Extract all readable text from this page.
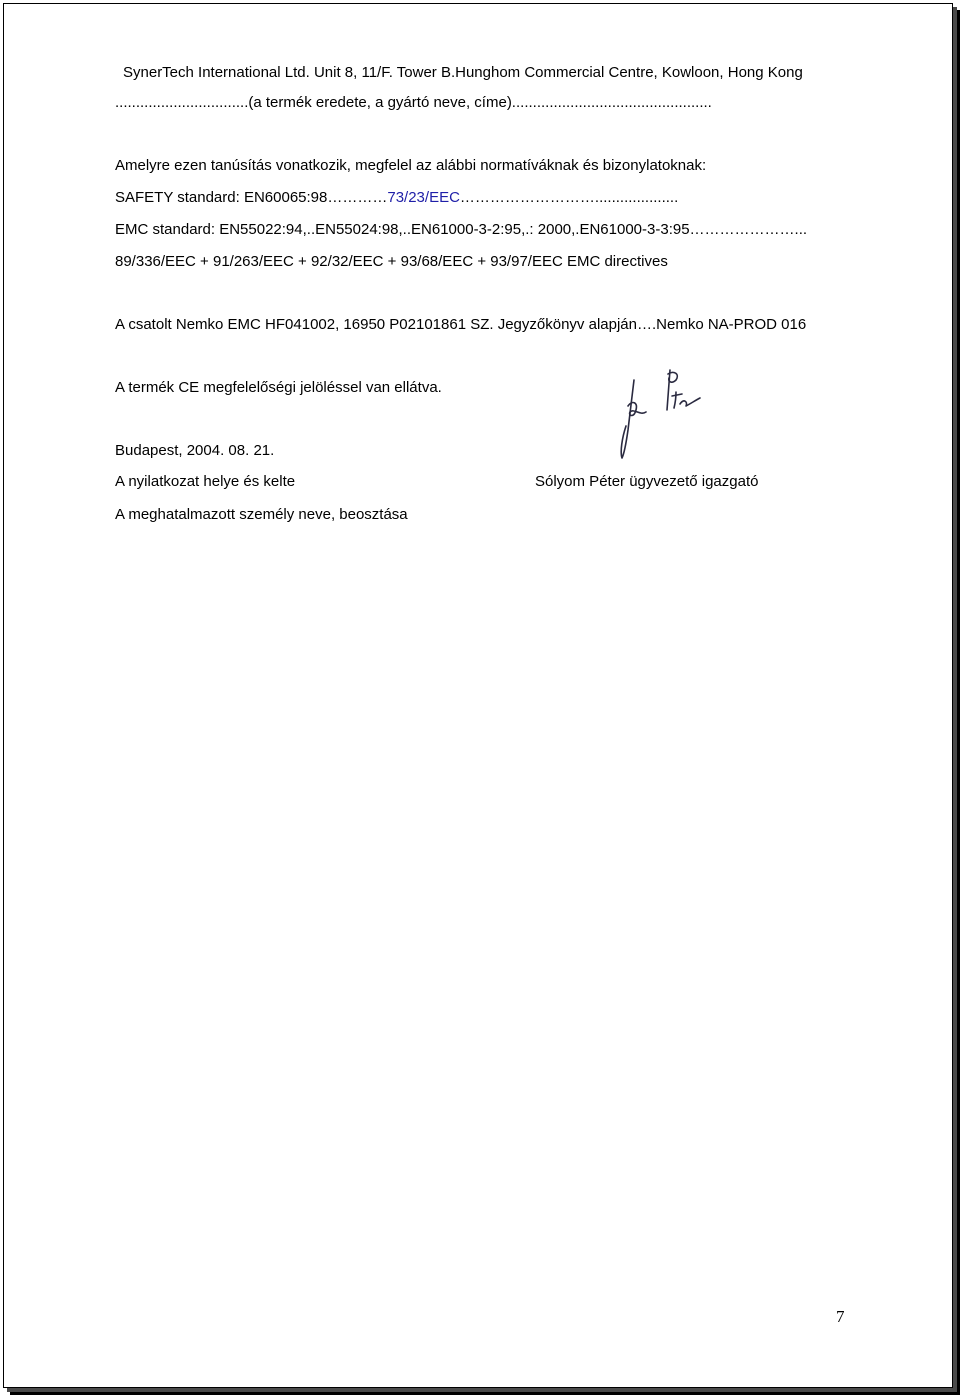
SynerTech International Ltd. Unit 8, 11/F. Tower B.Hunghom Commercial Centre, Kowloon, Hong Kong
................................(a termék eredete, a gyártó neve, címe)................................................
Amelyre ezen tanúsítás vonatkozik, megfelel az alábbi normatíváknak és bizonylatoknak:
SAFETY standard: EN60065:98…………73/23/EEC………………………....................
EMC standard: EN55022:94,..EN55024:98,..EN61000-3-2:95,.: 2000,.EN61000-3-3:95…………………...
89/336/EEC + 91/263/EEC + 92/32/EEC + 93/68/EEC + 93/97/EEC EMC directives
A csatolt Nemko EMC HF041002, 16950 P02101861 SZ. Jegyzőkönyv alapján….Nemko NA-PROD 016
A termék CE megfelelőségi jelöléssel van ellátva.
Budapest, 2004. 08. 21.
A nyilatkozat helye és kelte	Sólyom Péter ügyvezető igazgató
A meghatalmazott személy neve, beosztása
7
